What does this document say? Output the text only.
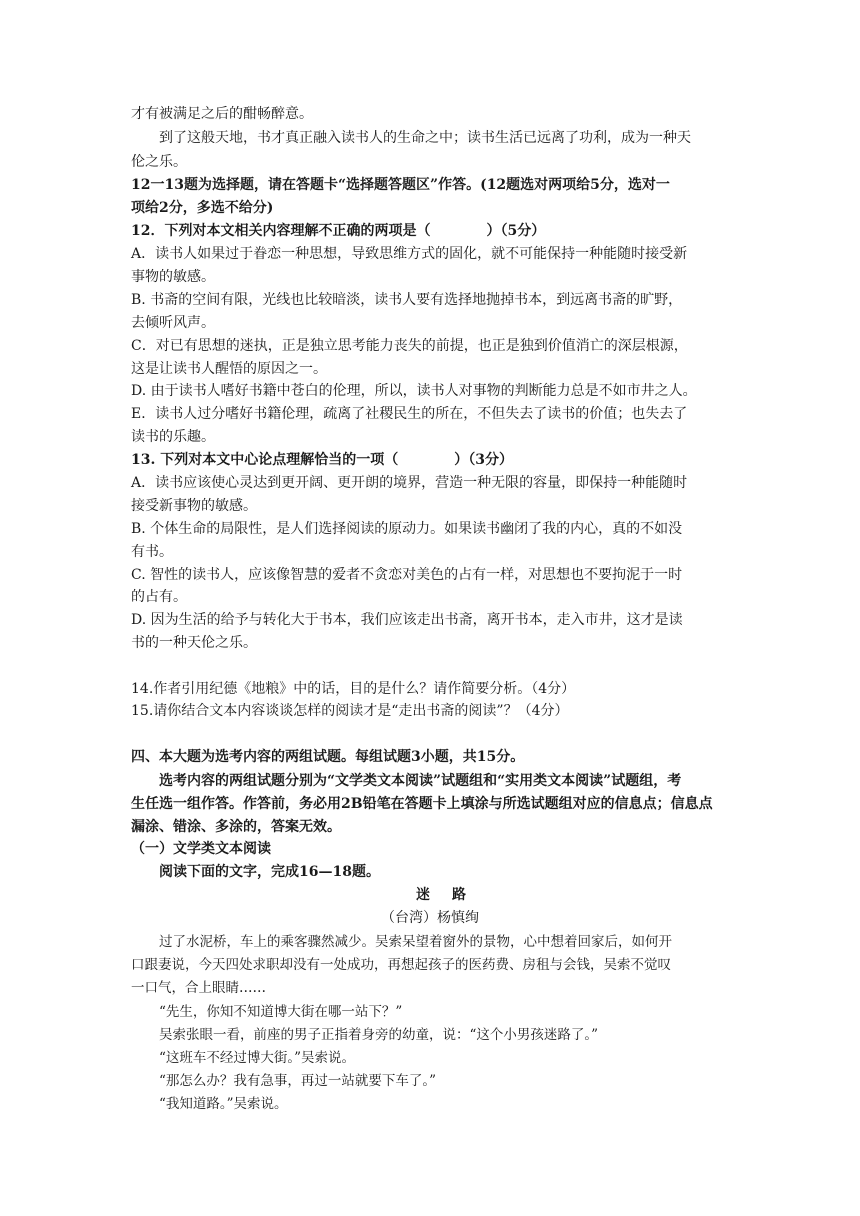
才有被满足之后的酣畅醉意。
到了这般天地，书才真正融入读书人的生命之中；读书生活已远离了功利，成为一种天
伦之乐。
12一13题为选择题，请在答题卡“选择题答题区”作答。(12题选对两项给5分，选对一
项给2分，多选不给分)
12．下列对本文相关内容理解不正确的两项是（　　　　）（5分）
A．读书人如果过于眷恋一种思想，导致思维方式的固化，就不可能保持一种能随时接受新
事物的敏感。
B. 书斋的空间有限，光线也比较暗淡，读书人要有选择地抛掉书本，到远离书斋的旷野，
去倾听风声。
C．对已有思想的迷执，正是独立思考能力丧失的前提，也正是独到价值消亡的深层根源，
这是让读书人醒悟的原因之一。
D. 由于读书人嗜好书籍中苍白的伦理，所以，读书人对事物的判断能力总是不如市井之人。
E．读书人过分嗜好书籍伦理，疏离了社稷民生的所在，不但失去了读书的价值；也失去了
读书的乐趣。
13. 下列对本文中心论点理解恰当的一项（　　　　）（3分）
A．读书应该使心灵达到更开阔、更开朗的境界，营造一种无限的容量，即保持一种能随时
接受新事物的敏感。
B. 个体生命的局限性，是人们选择阅读的原动力。如果读书幽闭了我的内心，真的不如没
有书。
C. 智性的读书人，应该像智慧的爱者不贪恋对美色的占有一样，对思想也不要拘泥于一时
的占有。
D. 因为生活的给予与转化大于书本，我们应该走出书斋，离开书本，走入市井，这才是读
书的一种天伦之乐。
14.作者引用纪德《地粮》中的话，目的是什么？请作简要分析。（4分）
15.请你结合文本内容谈谈怎样的阅读才是“走出书斋的阅读”？（4分）
四、本大题为选考内容的两组试题。每组试题3小题，共15分。
选考内容的两组试题分别为“文学类文本阅读”试题组和“实用类文本阅读”试题组，考
生任选一组作答。作答前，务必用2B铅笔在答题卡上填涂与所选试题组对应的信息点；信息点
漏涂、错涂、多涂的，答案无效。
（一）文学类文本阅读
阅读下面的文字，完成16—18题。
迷路
（台湾）杨慎绚
过了水泥桥，车上的乘客骤然减少。吴索呆望着窗外的景物，心中想着回家后，如何开
口跟妻说，今天四处求职却没有一处成功，再想起孩子的医药费、房租与会钱，吴索不觉叹
一口气，合上眼睛……
“先生，你知不知道博大街在哪一站下？”
吴索张眼一看，前座的男子正指着身旁的幼童，说：“这个小男孩迷路了。”
“这班车不经过博大街。”吴索说。
“那怎么办？我有急事，再过一站就要下车了。”
“我知道路。”吴索说。
